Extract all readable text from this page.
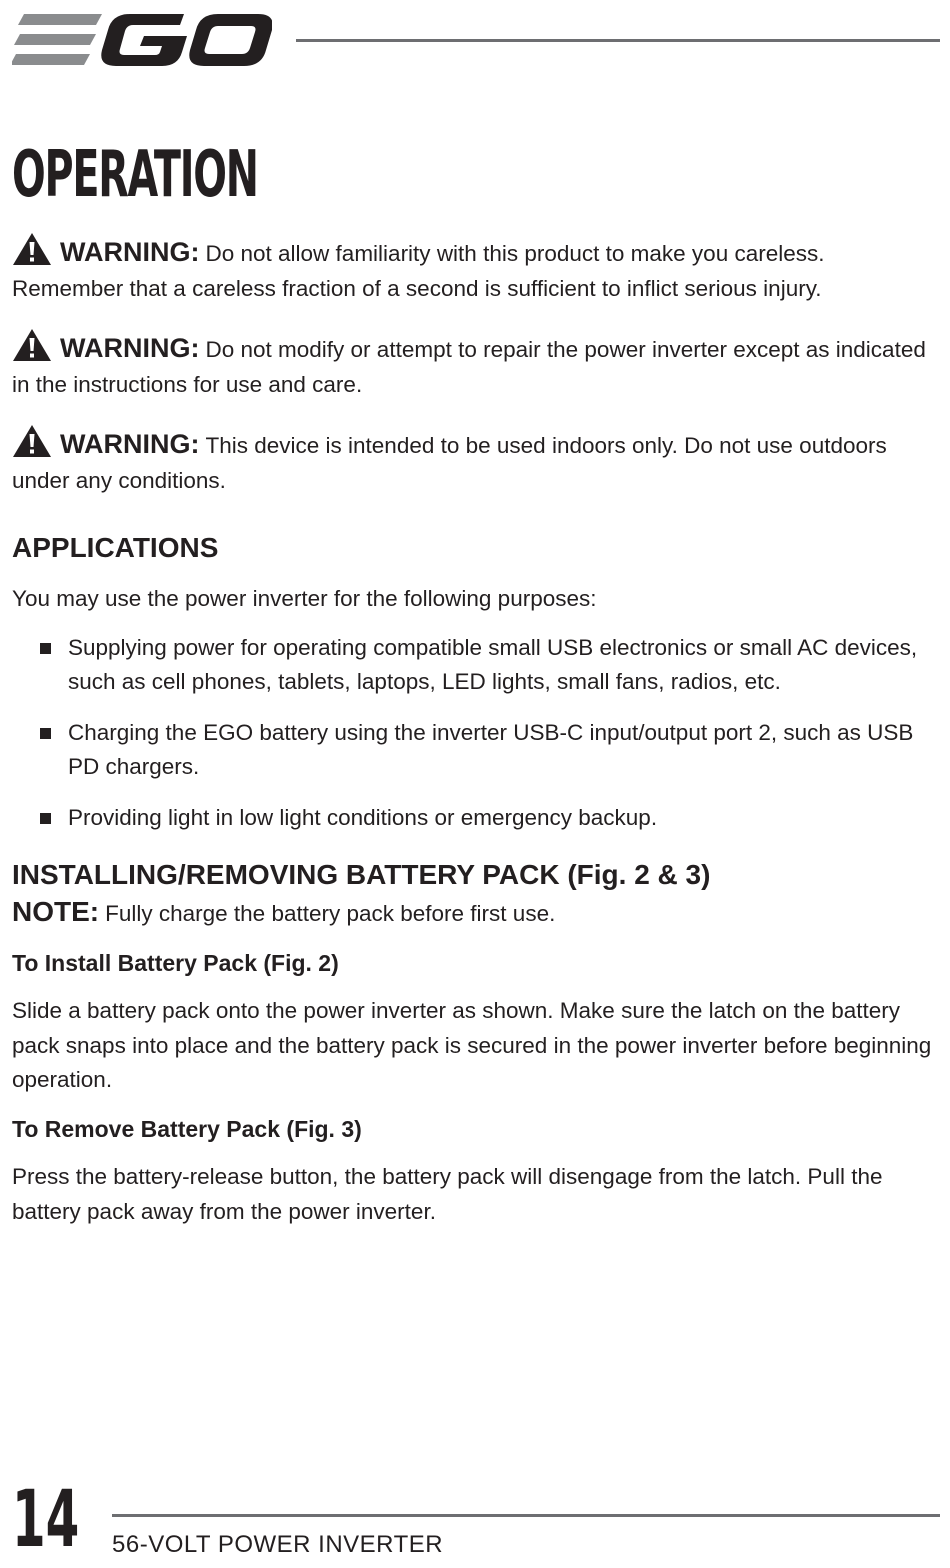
OPERATION

WARNING: Do not allow familiarity with this product to make you careless. Remember that a careless fraction of a second is sufficient to inflict serious injury.

WARNING: Do not modify or attempt to repair the power inverter except as indicated in the instructions for use and care.

WARNING: This device is intended to be used indoors only. Do not use outdoors under any conditions.

APPLICATIONS

You may use the power inverter for the following purposes:

Supplying power for operating compatible small USB electronics or small AC devices, such as cell phones, tablets, laptops, LED lights, small fans, radios, etc.
Charging the EGO battery using the inverter USB-C input/output port 2, such as USB PD chargers.
Providing light in low light conditions or emergency backup.

INSTALLING/REMOVING BATTERY PACK (Fig. 2 & 3)

NOTE: Fully charge the battery pack before first use.

To Install Battery Pack (Fig. 2)

Slide a battery pack onto the power inverter as shown. Make sure the latch on the battery pack snaps into place and the battery pack is secured in the power inverter before beginning operation.

To Remove Battery Pack (Fig. 3)

Press the battery-release button, the battery pack will disengage from the latch. Pull the battery pack away from the power inverter.

14 56-VOLT POWER INVERTER
